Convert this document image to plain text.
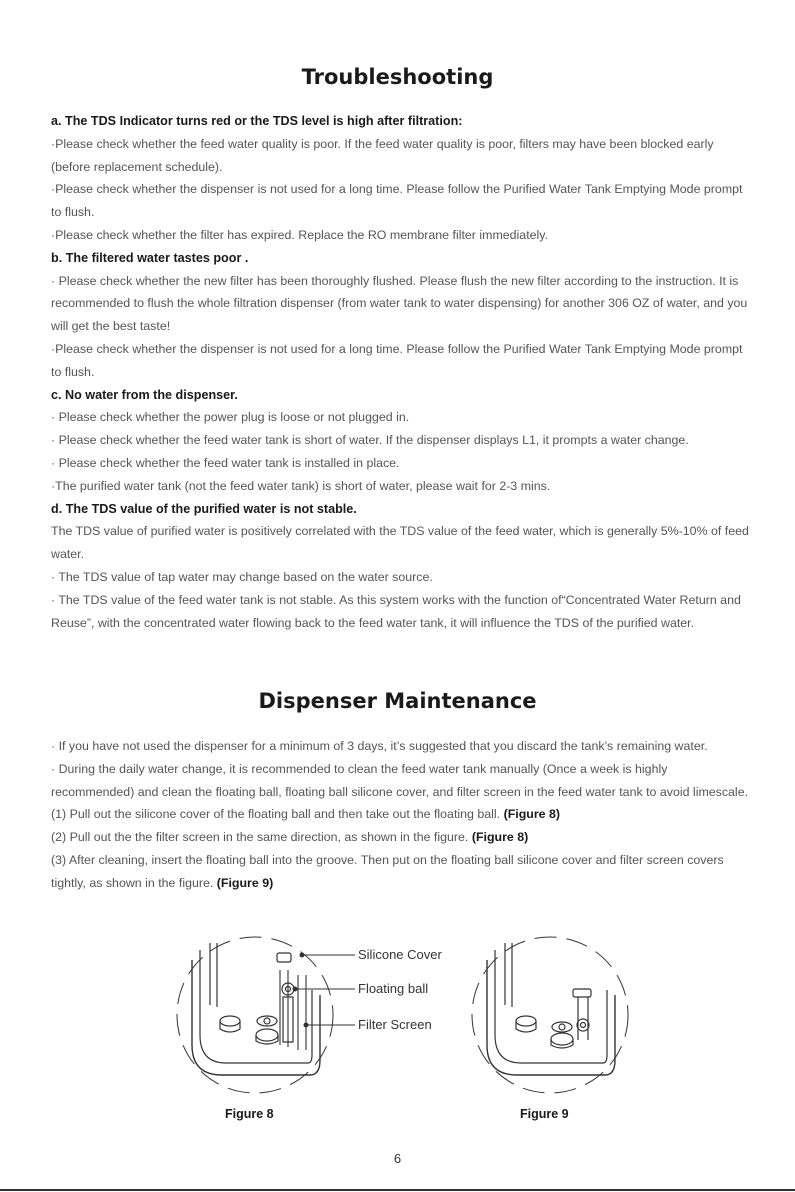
Troubleshooting

a. The TDS Indicator turns red or the TDS level is high after filtration:

·Please check whether the feed water quality is poor. If the feed water quality is poor, filters may have been blocked early (before replacement schedule).

·Please check whether the dispenser is not used for a long time. Please follow the Purified Water Tank Emptying Mode prompt to flush.

·Please check whether the filter has expired. Replace the RO membrane filter immediately.

b. The filtered water tastes poor .

· Please check whether the new filter has been thoroughly flushed. Please flush the new filter according to the instruction. It is recommended to flush the whole filtration dispenser (from water tank to water dispensing) for another 306 OZ of water, and you will get the best taste!

·Please check whether the dispenser is not used for a long time. Please follow the Purified Water Tank Emptying Mode prompt to flush.

c. No water from the dispenser.

· Please check whether the power plug is loose or not plugged in.

· Please check whether the feed water tank is short of water. If the dispenser displays L1, it prompts a water change.

· Please check whether the feed water tank is installed in place.

·The purified water tank (not the feed water tank) is short of water, please wait for 2-3 mins.

d. The TDS value of the purified water is not stable.

The TDS value of purified water is positively correlated with the TDS value of the feed water, which is generally 5%-10% of feed water.

· The TDS value of tap water may change based on the water source.

· The TDS value of the feed water tank is not stable. As this system works with the function of“Concentrated Water Return and Reuse”, with the concentrated water flowing back to the feed water tank, it will influence the TDS of the purified water.

Dispenser Maintenance

· If you have not used the dispenser for a minimum of 3 days, it’s suggested that you discard the tank’s remaining water.

· During the daily water change, it is recommended to clean the feed water tank manually (Once a week is highly recommended) and clean the floating ball, floating ball silicone cover, and filter screen in the feed water tank to avoid limescale.

(1) Pull out the silicone cover of the floating ball and then take out the floating ball. (Figure 8)

(2) Pull out the the filter screen in the same direction, as shown in the figure. (Figure 8)

(3) After cleaning, insert the floating ball into the groove. Then put on the floating ball silicone cover and filter screen covers tightly, as shown in the figure. (Figure 9)

Silicone Cover
Floating ball
Filter Screen
Figure 8	Figure 9
6
